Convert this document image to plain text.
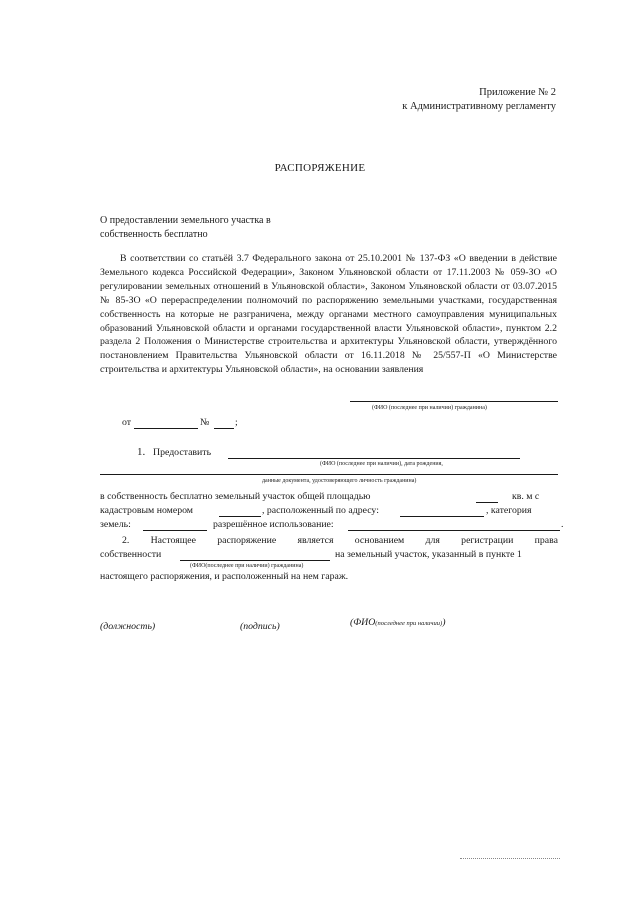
Приложение № 2
к Административному регламенту
РАСПОРЯЖЕНИЕ
О предоставлении земельного участка в
собственность бесплатно
В соответствии со статьёй 3.7 Федерального закона от 25.10.2001 № 137-ФЗ «О введении в действие Земельного кодекса Российской Федерации», Законом Ульяновской области от 17.11.2003 № 059-ЗО «О регулировании земельных отношений в Ульяновской области», Законом Ульяновской области от 03.07.2015 № 85-ЗО «О перераспределении полномочий по распоряжению земельными участками, государственная собственность на которые не разграничена, между органами местного самоуправления муниципальных образований Ульяновской области и органами государственной власти Ульяновской области», пунктом 2.2 раздела 2 Положения о Министерстве строительства и архитектуры Ульяновской области, утверждённого постановлением Правительства Ульяновской области от 16.11.2018 № 25/557-П «О Министерстве строительства и архитектуры Ульяновской области», на основании заявления
(ФИО (последнее при наличии) гражданина)
от	№	;
1. Предоставить
(ФИО (последнее при наличии), дата рождения,
данные документа, удостоверяющего личность гражданина)
в собственность бесплатно земельный участок общей площадью	кв. м с
кадастровым номером	, расположенный по адресу:	, категория
земель:	разрешённое использование:	.
2. Настоящее распоряжение является основанием для регистрации права
собственности	на земельный участок, указанный в пункте 1
(ФИО(последнее при наличии) гражданина)
настоящего распоряжения, и расположенный на нем гараж.
(должность)	(подпись)	(ФИО(последнее при наличии))
